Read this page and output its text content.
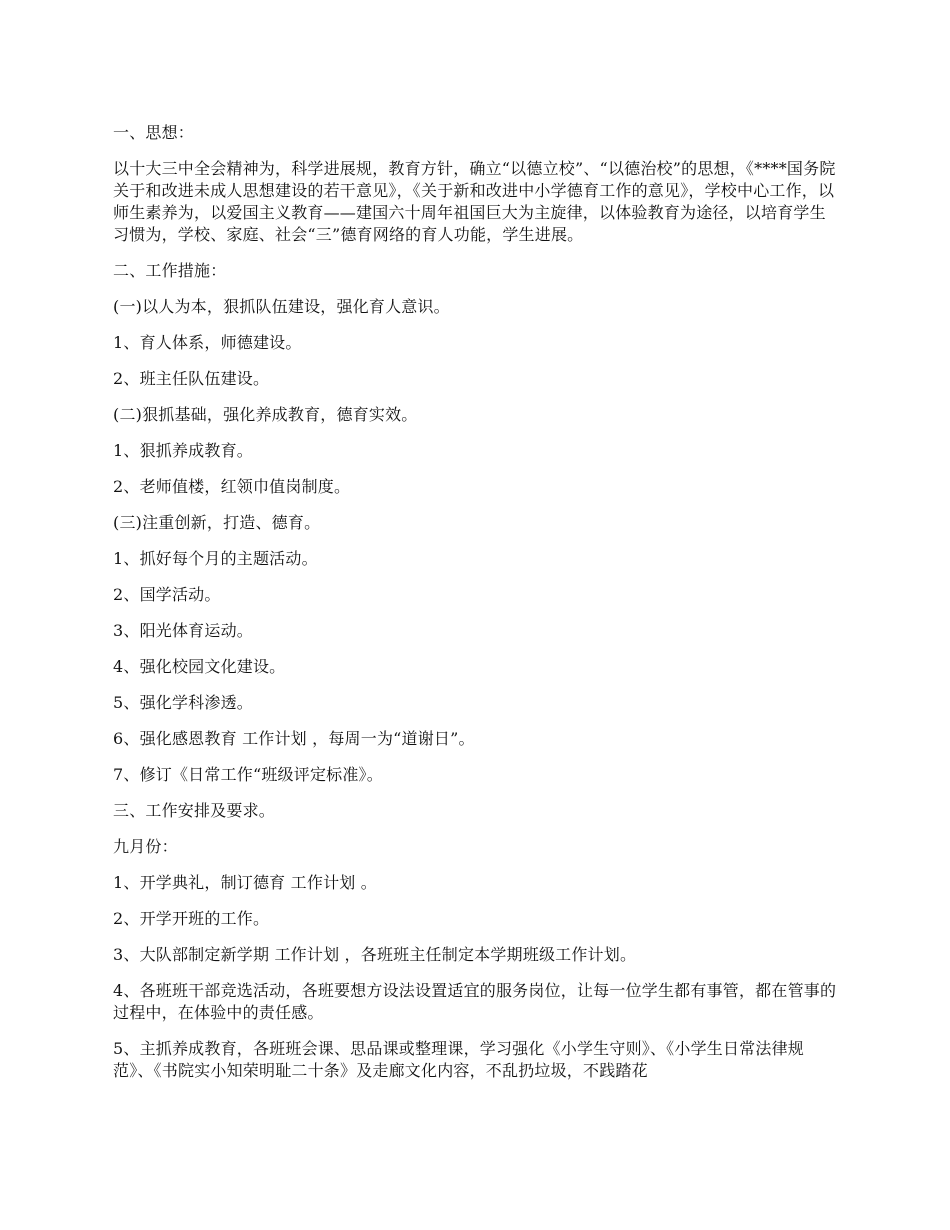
一、思想：

以十大三中全会精神为，科学进展规，教育方针，确立“以德立校”、“以德治校”的思想，《****国务院关于和改进未成人思想建设的若干意见》，《关于新和改进中小学德育工作的意见》，学校中心工作，以师生素养为，以爱国主义教育——建国六十周年祖国巨大为主旋律，以体验教育为途径，以培育学生习惯为，学校、家庭、社会“三”德育网络的育人功能，学生进展。

二、工作措施：

(一)以人为本，狠抓队伍建设，强化育人意识。

1、育人体系，师德建设。

2、班主任队伍建设。

(二)狠抓基础，强化养成教育，德育实效。

1、狠抓养成教育。

2、老师值楼，红领巾值岗制度。

(三)注重创新，打造、德育。

1、抓好每个月的主题活动。

2、国学活动。

3、阳光体育运动。

4、强化校园文化建设。

5、强化学科渗透。

6、强化感恩教育 工作计划 ，每周一为“道谢日”。

7、修订《日常工作“班级评定标准》。

三、工作安排及要求。

九月份：

1、开学典礼，制订德育 工作计划 。

2、开学开班的工作。

3、大队部制定新学期 工作计划 ，各班班主任制定本学期班级工作计划。

4、各班班干部竞选活动，各班要想方设法设置适宜的服务岗位，让每一位学生都有事管，都在管事的过程中，在体验中的责任感。

5、主抓养成教育，各班班会课、思品课或整理课，学习强化《小学生守则》、《小学生日常法律规范》、《书院实小知荣明耻二十条》及走廊文化内容，不乱扔垃圾，不践踏花
